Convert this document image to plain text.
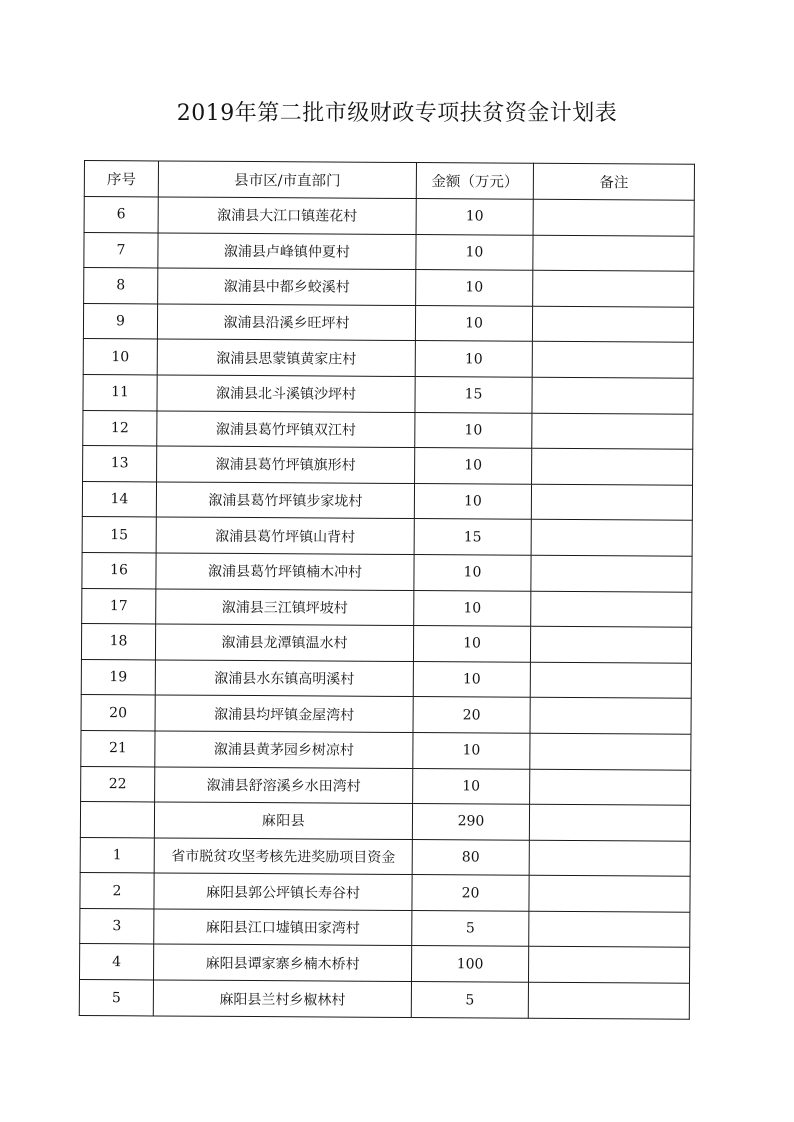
2019年第二批市级财政专项扶贫资金计划表
序号	县市区/市直部门	金额（万元）	备注
6	溆浦县大江口镇莲花村	10	
7	溆浦县卢峰镇仲夏村	10	
8	溆浦县中都乡蛟溪村	10	
9	溆浦县沿溪乡旺坪村	10	
10	溆浦县思蒙镇黄家庄村	10	
11	溆浦县北斗溪镇沙坪村	15	
12	溆浦县葛竹坪镇双江村	10	
13	溆浦县葛竹坪镇旗形村	10	
14	溆浦县葛竹坪镇步家垅村	10	
15	溆浦县葛竹坪镇山背村	15	
16	溆浦县葛竹坪镇楠木冲村	10	
17	溆浦县三江镇坪坡村	10	
18	溆浦县龙潭镇温水村	10	
19	溆浦县水东镇高明溪村	10	
20	溆浦县均坪镇金屋湾村	20	
21	溆浦县黄茅园乡树凉村	10	
22	溆浦县舒溶溪乡水田湾村	10	
	麻阳县	290	
1	省市脱贫攻坚考核先进奖励项目资金	80	
2	麻阳县郭公坪镇长寿谷村	20	
3	麻阳县江口墟镇田家湾村	5	
4	麻阳县谭家寨乡楠木桥村	100	
5	麻阳县兰村乡椒林村	5	
